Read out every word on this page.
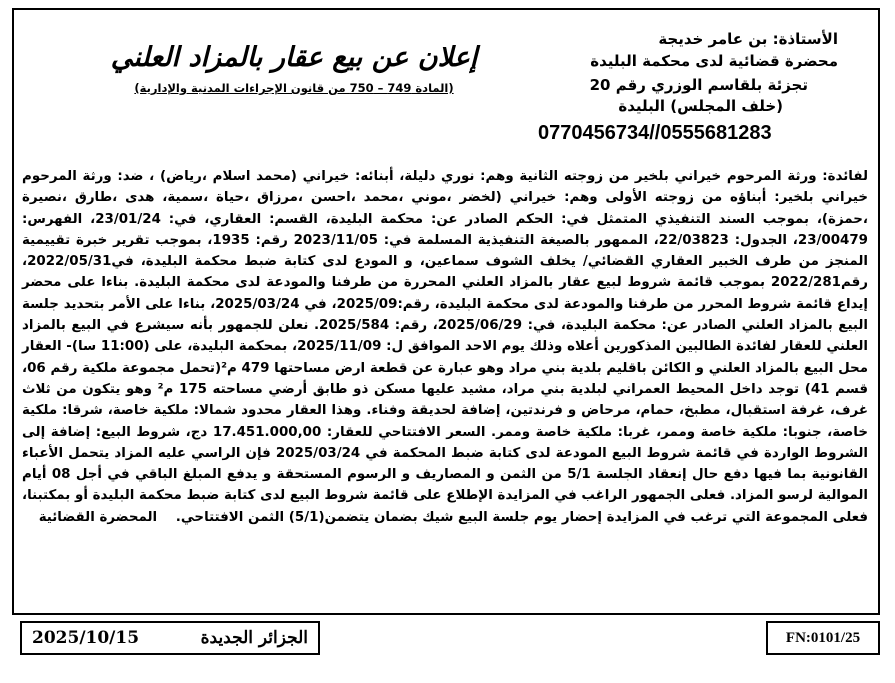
الأستاذة: بن عامر خديجة
محضرة قضائية لدى محكمة البليدة
تجزئة بلقاسم الوزري رقم 20
(خلف المجلس) البليدة
0770456734//0555681283
إعلان عن بيع عقار بالمزاد العلني
(المادة 749 – 750 من قانون الإجراءات المدنية والإدارية)

لفائدة: ورثة المرحوم خيراني بلخير من زوجته الثانية وهم: نوري دليلة، أبنائه: خيراني (محمد اسلام ،رياض) ، ضد: ورثة المرحوم خيراني بلخير: أبناؤه من زوجته الأولى وهم: خيراني (لخضر ،موني ،محمد ،احسن ،مرزاق ،حياة ،سمية، هدى ،طارق ،نصيرة ،حمزة)، بموجب السند التنفيذي المتمثل في: الحكم الصادر عن: محكمة البليدة، القسم: العقاري، في: 23/01/24، الفهرس: 23/00479، الجدول: 22/03823، الممهور بالصيغة التنفيذية المسلمة في: 2023/11/05 رقم: 1935، بموجب تقرير خبرة تقييمية المنجز من طرف الخبير العقاري القضائي/ يخلف الشوف سماعين، و المودع لدى كتابة ضبط محكمة البليدة، في2022/05/31، رقم2022/281 بموجب قائمة شروط لبيع عقار بالمزاد العلني المحررة من طرفنا والمودعة لدى محكمة البليدة. بناءا على محضر إيداع قائمة شروط المحرر من طرفنا والمودعة لدى محكمة البليدة، رقم:2025/09، في 2025/03/24، بناءا على الأمر بتحديد جلسة البيع بالمزاد العلني الصادر عن: محكمة البليدة، في: 2025/06/29، رقم: 2025/584. نعلن للجمهور بأنه سيشرع في البيع بالمزاد العلني للعقار لفائدة الطالبين المذكورين أعلاه وذلك يوم الاحد الموافق ل: 2025/11/09، بمحكمة البليدة، على (11:00 سا)- العقار محل البيع بالمزاد العلني و الكائن باقليم بلدية بني مراد وهو عبارة عن قطعة ارض مساحتها 479 م²(تحمل مجموعة ملكية رقم 06، قسم 41) توجد داخل المحيط العمراني لبلدية بني مراد، مشيد عليها مسكن ذو طابق أرضي مساحته 175 م² وهو يتكون من ثلاث غرف، غرفة استقبال، مطبخ، حمام، مرحاض و فرندتين، إضافة لحديقة وفناء. وهذا العقار محدود شمالا: ملكية خاصة، شرقا: ملكية خاصة، جنوبا: ملكية خاصة وممر، غربا: ملكية خاصة وممر. السعر الافتتاحي للعقار: 17.451.000,00 دج، شروط البيع: إضافة إلى الشروط الواردة في قائمة شروط البيع المودعة لدى كتابة ضبط المحكمة في 2025/03/24 فإن الراسي عليه المزاد يتحمل الأعباء القانونية بما فيها دفع حال إنعقاد الجلسة 5/1 من الثمن و المصاريف و الرسوم المستحقة و يدفع المبلغ الباقي في أجل 08 أيام الموالية لرسو المزاد. فعلى الجمهور الراغب في المزايدة الإطلاع على قائمة شروط البيع لدى كتابة ضبط محكمة البليدة أو بمكتبنا، فعلى المجموعة التي ترغب في المزايدة إحضار يوم جلسة البيع شيك بضمان يتضمن(5/1) الثمن الافتتاحي.    المحضرة القضائية

2025/10/15	الجزائر الجديدة	FN:0101/25
